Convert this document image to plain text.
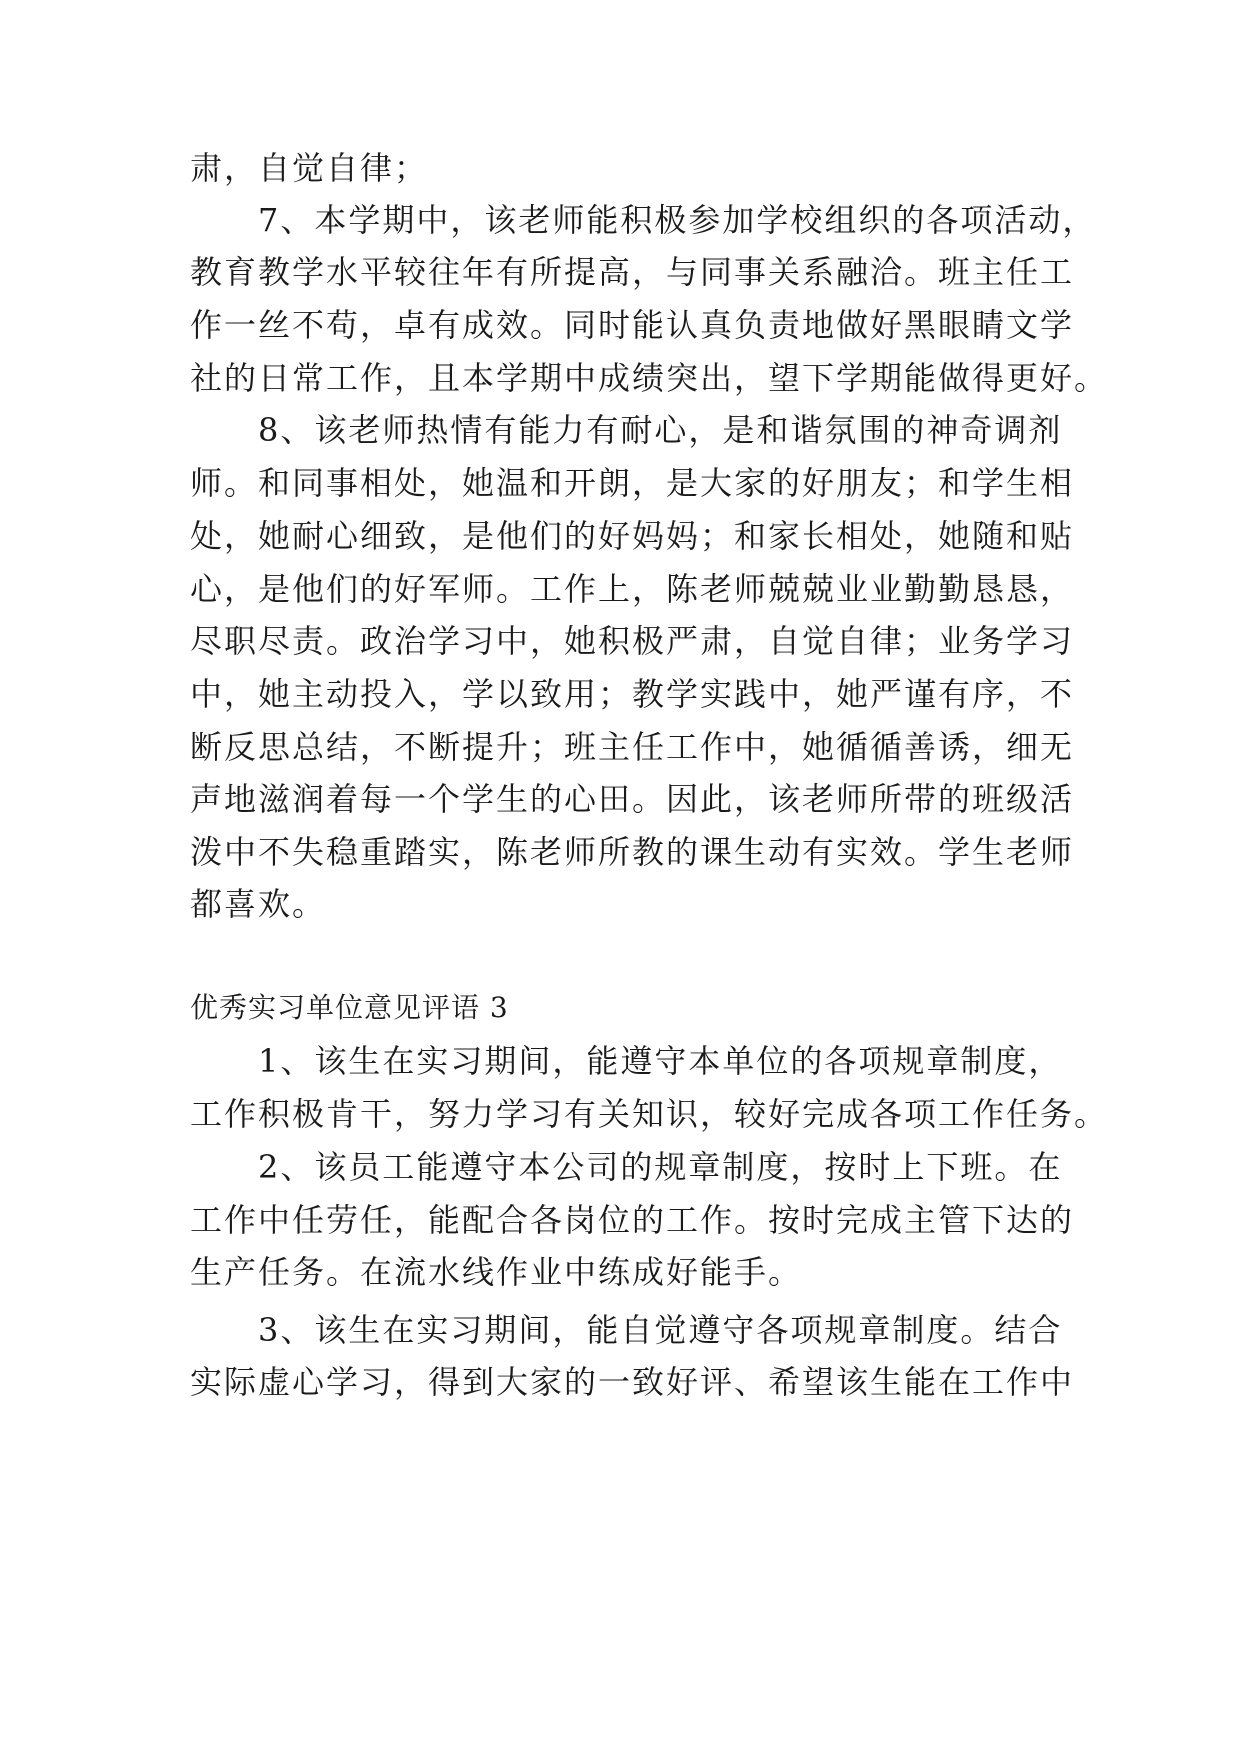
肃，自觉自律；
　　7、本学期中，该老师能积极参加学校组织的各项活动，
教育教学水平较往年有所提高，与同事关系融洽。班主任工
作一丝不苟，卓有成效。同时能认真负责地做好黑眼睛文学
社的日常工作，且本学期中成绩突出，望下学期能做得更好。
　　8、该老师热情有能力有耐心，是和谐氛围的神奇调剂
师。和同事相处，她温和开朗，是大家的好朋友；和学生相
处，她耐心细致，是他们的好妈妈；和家长相处，她随和贴
心，是他们的好军师。工作上，陈老师兢兢业业勤勤恳恳，
尽职尽责。政治学习中，她积极严肃，自觉自律；业务学习
中，她主动投入，学以致用；教学实践中，她严谨有序，不
断反思总结，不断提升；班主任工作中，她循循善诱，细无
声地滋润着每一个学生的心田。因此，该老师所带的班级活
泼中不失稳重踏实，陈老师所教的课生动有实效。学生老师
都喜欢。
优秀实习单位意见评语 3
　　1、该生在实习期间，能遵守本单位的各项规章制度，
工作积极肯干，努力学习有关知识，较好完成各项工作任务。
　　2、该员工能遵守本公司的规章制度，按时上下班。在
工作中任劳任，能配合各岗位的工作。按时完成主管下达的
生产任务。在流水线作业中练成好能手。
　　3、该生在实习期间，能自觉遵守各项规章制度。结合
实际虚心学习，得到大家的一致好评、希望该生能在工作中
